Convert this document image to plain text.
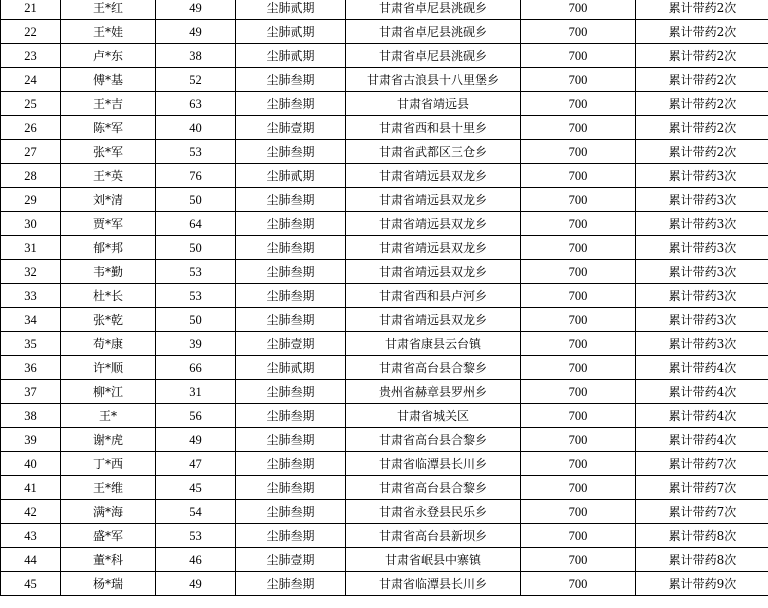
21	王*红	49	尘肺贰期	甘肃省卓尼县洮砚乡	700	累计带药2次
22	王*娃	49	尘肺贰期	甘肃省卓尼县洮砚乡	700	累计带药2次
23	卢*东	38	尘肺贰期	甘肃省卓尼县洮砚乡	700	累计带药2次
24	傅*基	52	尘肺叁期	甘肃省古浪县十八里堡乡	700	累计带药2次
25	王*吉	63	尘肺叁期	甘肃省靖远县	700	累计带药2次
26	陈*军	40	尘肺壹期	甘肃省西和县十里乡	700	累计带药2次
27	张*军	53	尘肺叁期	甘肃省武都区三仓乡	700	累计带药2次
28	王*英	76	尘肺贰期	甘肃省靖远县双龙乡	700	累计带药3次
29	刘*清	50	尘肺叁期	甘肃省靖远县双龙乡	700	累计带药3次
30	贾*军	64	尘肺叁期	甘肃省靖远县双龙乡	700	累计带药3次
31	郁*邦	50	尘肺叁期	甘肃省靖远县双龙乡	700	累计带药3次
32	韦*勤	53	尘肺叁期	甘肃省靖远县双龙乡	700	累计带药3次
33	杜*长	53	尘肺叁期	甘肃省西和县卢河乡	700	累计带药3次
34	张*乾	50	尘肺叁期	甘肃省靖远县双龙乡	700	累计带药3次
35	苟*康	39	尘肺壹期	甘肃省康县云台镇	700	累计带药3次
36	许*顺	66	尘肺贰期	甘肃省高台县合黎乡	700	累计带药4次
37	柳*江	31	尘肺叁期	贵州省赫章县罗州乡	700	累计带药4次
38	王*	56	尘肺叁期	甘肃省城关区	700	累计带药4次
39	谢*虎	49	尘肺叁期	甘肃省高台县合黎乡	700	累计带药4次
40	丁*西	47	尘肺叁期	甘肃省临潭县长川乡	700	累计带药7次
41	王*维	45	尘肺叁期	甘肃省高台县合黎乡	700	累计带药7次
42	满*海	54	尘肺叁期	甘肃省永登县民乐乡	700	累计带药7次
43	盛*军	53	尘肺叁期	甘肃省高台县新坝乡	700	累计带药8次
44	董*科	46	尘肺壹期	甘肃省岷县中寨镇	700	累计带药8次
45	杨*瑞	49	尘肺叁期	甘肃省临潭县长川乡	700	累计带药9次
